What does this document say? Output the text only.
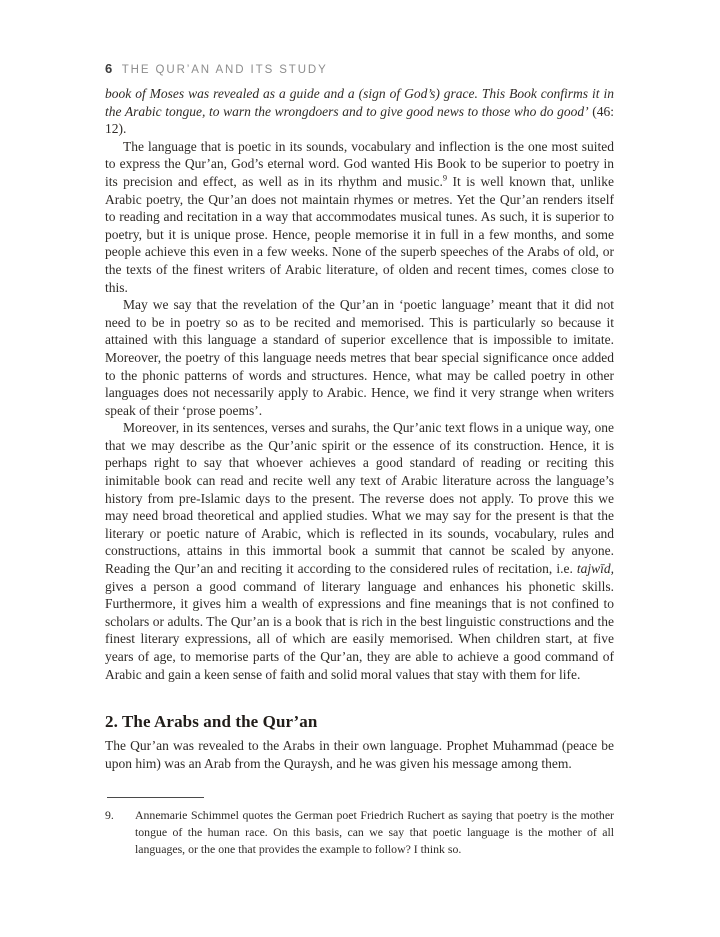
6 THE QUR’AN AND ITS STUDY

book of Moses was revealed as a guide and a (sign of God’s) grace. This Book confirms it in the Arabic tongue, to warn the wrongdoers and to give good news to those who do good’ (46: 12).

The language that is poetic in its sounds, vocabulary and inflection is the one most suited to express the Qur’an, God’s eternal word. God wanted His Book to be superior to poetry in its precision and effect, as well as in its rhythm and music.$^9$ It is well known that, unlike Arabic poetry, the Qur’an does not maintain rhymes or metres. Yet the Qur’an renders itself to reading and recitation in a way that accommodates musical tunes. As such, it is superior to poetry, but it is unique prose. Hence, people memorise it in full in a few months, and some people achieve this even in a few weeks. None of the superb speeches of the Arabs of old, or the texts of the finest writers of Arabic literature, of olden and recent times, comes close to this.

May we say that the revelation of the Qur’an in ‘poetic language’ meant that it did not need to be in poetry so as to be recited and memorised. This is particularly so because it attained with this language a standard of superior excellence that is impossible to imitate. Moreover, the poetry of this language needs metres that bear special significance once added to the phonic patterns of words and structures. Hence, what may be called poetry in other languages does not necessarily apply to Arabic. Hence, we find it very strange when writers speak of their ‘prose poems’.

Moreover, in its sentences, verses and surahs, the Qur’anic text flows in a unique way, one that we may describe as the Qur’anic spirit or the essence of its construction. Hence, it is perhaps right to say that whoever achieves a good standard of reading or reciting this inimitable book can read and recite well any text of Arabic literature across the language’s history from pre-Islamic days to the present. The reverse does not apply. To prove this we may need broad theoretical and applied studies. What we may say for the present is that the literary or poetic nature of Arabic, which is reflected in its sounds, vocabulary, rules and constructions, attains in this immortal book a summit that cannot be scaled by anyone. Reading the Qur’an and reciting it according to the considered rules of recitation, i.e. tajwīd, gives a person a good command of literary language and enhances his phonetic skills. Furthermore, it gives him a wealth of expressions and fine meanings that is not confined to scholars or adults. The Qur’an is a book that is rich in the best linguistic constructions and the finest literary expressions, all of which are easily memorised. When children start, at five years of age, to memorise parts of the Qur’an, they are able to achieve a good command of Arabic and gain a keen sense of faith and solid moral values that stay with them for life.

2. The Arabs and the Qur’an

The Qur’an was revealed to the Arabs in their own language. Prophet Muhammad (peace be upon him) was an Arab from the Quraysh, and he was given his message among them.

9.	Annemarie Schimmel quotes the German poet Friedrich Ruchert as saying that poetry is the mother tongue of the human race. On this basis, can we say that poetic language is the mother of all languages, or the one that provides the example to follow? I think so.
